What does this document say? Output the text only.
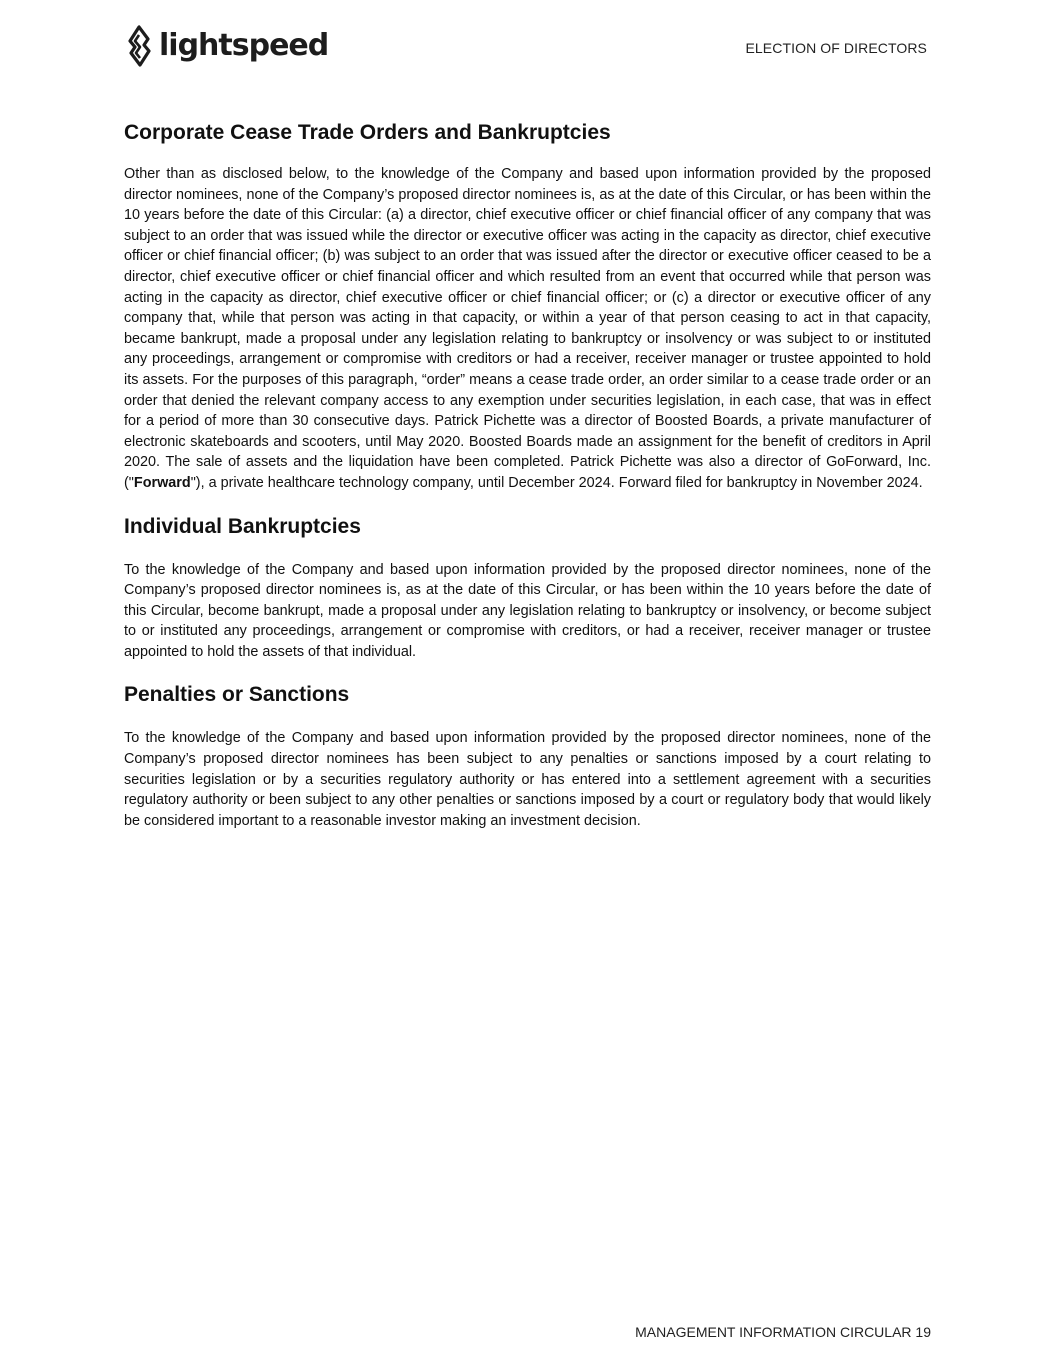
lightspeed	ELECTION OF DIRECTORS
Corporate Cease Trade Orders and Bankruptcies

Other than as disclosed below, to the knowledge of the Company and based upon information provided by the proposed director nominees, none of the Company’s proposed director nominees is, as at the date of this Circular, or has been within the 10 years before the date of this Circular: (a) a director, chief executive officer or chief financial officer of any company that was subject to an order that was issued while the director or executive officer was acting in the capacity as director, chief executive officer or chief financial officer; (b) was subject to an order that was issued after the director or executive officer ceased to be a director, chief executive officer or chief financial officer and which resulted from an event that occurred while that person was acting in the capacity as director, chief executive officer or chief financial officer; or (c) a director or executive officer of any company that, while that person was acting in that capacity, or within a year of that person ceasing to act in that capacity, became bankrupt, made a proposal under any legislation relating to bankruptcy or insolvency or was subject to or instituted any proceedings, arrangement or compromise with creditors or had a receiver, receiver manager or trustee appointed to hold its assets. For the purposes of this paragraph, “order” means a cease trade order, an order similar to a cease trade order or an order that denied the relevant company access to any exemption under securities legislation, in each case, that was in effect for a period of more than 30 consecutive days. Patrick Pichette was a director of Boosted Boards, a private manufacturer of electronic skateboards and scooters, until May 2020. Boosted Boards made an assignment for the benefit of creditors in April 2020. The sale of assets and the liquidation have been completed. Patrick Pichette was also a director of GoForward, Inc. ("Forward"), a private healthcare technology company, until December 2024. Forward filed for bankruptcy in November 2024.

Individual Bankruptcies

To the knowledge of the Company and based upon information provided by the proposed director nominees, none of the Company’s proposed director nominees is, as at the date of this Circular, or has been within the 10 years before the date of this Circular, become bankrupt, made a proposal under any legislation relating to bankruptcy or insolvency, or become subject to or instituted any proceedings, arrangement or compromise with creditors, or had a receiver, receiver manager or trustee appointed to hold the assets of that individual.

Penalties or Sanctions

To the knowledge of the Company and based upon information provided by the proposed director nominees, none of the Company’s proposed director nominees has been subject to any penalties or sanctions imposed by a court relating to securities legislation or by a securities regulatory authority or has entered into a settlement agreement with a securities regulatory authority or been subject to any other penalties or sanctions imposed by a court or regulatory body that would likely be considered important to a reasonable investor making an investment decision.

MANAGEMENT INFORMATION CIRCULAR 19
